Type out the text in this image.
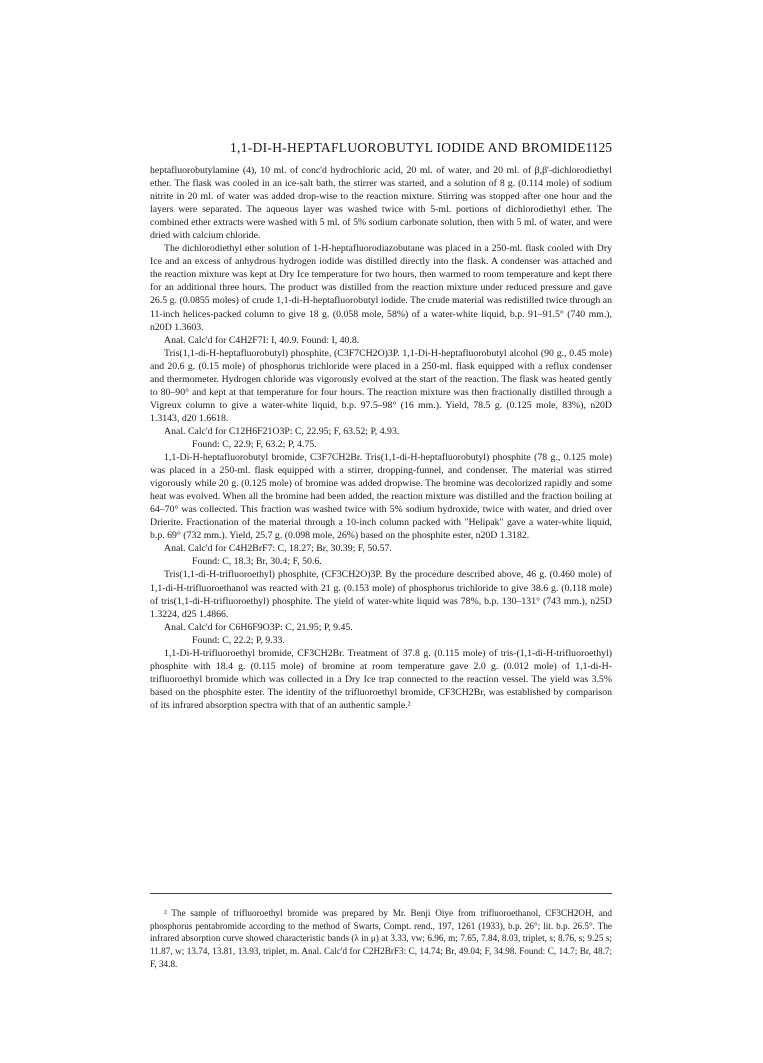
1,1-DI-H-HEPTAFLUOROBUTYL IODIDE AND BROMIDE 1125

heptafluorobutylamine (4), 10 ml. of conc'd hydrochloric acid, 20 ml. of water, and 20 ml. of β,β'-dichlorodiethyl ether. The flask was cooled in an ice-salt bath, the stirrer was started, and a solution of 8 g. (0.114 mole) of sodium nitrite in 20 ml. of water was added drop-wise to the reaction mixture. Stirring was stopped after one hour and the layers were separated. The aqueous layer was washed twice with 5-ml. portions of dichlorodiethyl ether. The combined ether extracts were washed with 5 ml. of 5% sodium carbonate solution, then with 5 ml. of water, and were dried with calcium chloride.

The dichlorodiethyl ether solution of 1-H-heptafluorodiazobutane was placed in a 250-ml. flask cooled with Dry Ice and an excess of anhydrous hydrogen iodide was distilled directly into the flask. A condenser was attached and the reaction mixture was kept at Dry Ice temperature for two hours, then warmed to room temperature and kept there for an additional three hours. The product was distilled from the reaction mixture under reduced pressure and gave 26.5 g. (0.0855 moles) of crude 1,1-di-H-heptafluorobutyl iodide. The crude material was redistilled twice through an 11-inch helices-packed column to give 18 g. (0.058 mole, 58%) of a water-white liquid, b.p. 91–91.5° (740 mm.), n20D 1.3603.

Anal. Calc'd for C4H2F7I: I, 40.9. Found: I, 40.8.

Tris(1,1-di-H-heptafluorobutyl) phosphite, (C3F7CH2O)3P. 1,1-Di-H-heptafluorobutyl alcohol (90 g., 0.45 mole) and 20.6 g. (0.15 mole) of phosphorus trichloride were placed in a 250-ml. flask equipped with a reflux condenser and thermometer. Hydrogen chloride was vigorously evolved at the start of the reaction. The flask was heated gently to 80–90° and kept at that temperature for four hours. The reaction mixture was then fractionally distilled through a Vigreux column to give a water-white liquid, b.p. 97.5–98° (16 mm.). Yield, 78.5 g. (0.125 mole, 83%), n20D 1.3143, d20 1.6618.

Anal. Calc'd for C12H6F21O3P: C, 22.95; F, 63.52; P, 4.93.

Found: C, 22.9; F, 63.2; P, 4.75.

1,1-Di-H-heptafluorobutyl bromide, C3F7CH2Br. Tris(1,1-di-H-heptafluorobutyl) phosphite (78 g., 0.125 mole) was placed in a 250-ml. flask equipped with a stirrer, dropping-funnel, and condenser. The material was stirred vigorously while 20 g. (0.125 mole) of bromine was added dropwise. The bromine was decolorized rapidly and some heat was evolved. When all the bromine had been added, the reaction mixture was distilled and the fraction boiling at 64–70° was collected. This fraction was washed twice with 5% sodium hydroxide, twice with water, and dried over Drierite. Fractionation of the material through a 10-inch column packed with "Helipak" gave a water-white liquid, b.p. 69° (732 mm.). Yield, 25.7 g. (0.098 mole, 26%) based on the phosphite ester, n20D 1.3182.

Anal. Calc'd for C4H2BrF7: C, 18.27; Br, 30.39; F, 50.57.

Found: C, 18.3; Br, 30.4; F, 50.6.

Tris(1,1-di-H-trifluoroethyl) phosphite, (CF3CH2O)3P. By the procedure described above, 46 g. (0.460 mole) of 1,1-di-H-trifluoroethanol was reacted with 21 g. (0.153 mole) of phosphorus trichloride to give 38.6 g. (0.118 mole) of tris(1,1-di-H-trifluoroethyl) phosphite. The yield of water-white liquid was 78%, b.p. 130–131° (743 mm.), n25D 1.3224, d25 1.4866.

Anal. Calc'd for C6H6F9O3P: C, 21.95; P, 9.45.

Found: C, 22.2; P, 9.33.

1,1-Di-H-trifluoroethyl bromide, CF3CH2Br. Treatment of 37.8 g. (0.115 mole) of tris-(1,1-di-H-trifluoroethyl) phosphite with 18.4 g. (0.115 mole) of bromine at room temperature gave 2.0 g. (0.012 mole) of 1,1-di-H-trifluoroethyl bromide which was collected in a Dry Ice trap connected to the reaction vessel. The yield was 3.5% based on the phosphite ester. The identity of the trifluoroethyl bromide, CF3CH2Br, was established by comparison of its infrared absorption spectra with that of an authentic sample.²

² The sample of trifluoroethyl bromide was prepared by Mr. Benji Oiye from trifluoroethanol, CF3CH2OH, and phosphorus pentabromide according to the method of Swarts, Compt. rend., 197, 1261 (1933), b.p. 26°; lit. b.p. 26.5°. The infrared absorption curve showed characteristic bands (λ in μ) at 3.33, vw; 6.96, m; 7.65, 7.84, 8.03, triplet, s; 8.76, s; 9.25 s; 11.87, w; 13.74, 13.81, 13.93, triplet, m. Anal. Calc'd for C2H2BrF3: C, 14.74; Br, 49.04; F, 34.98. Found: C, 14.7; Br, 48.7; F, 34.8.
